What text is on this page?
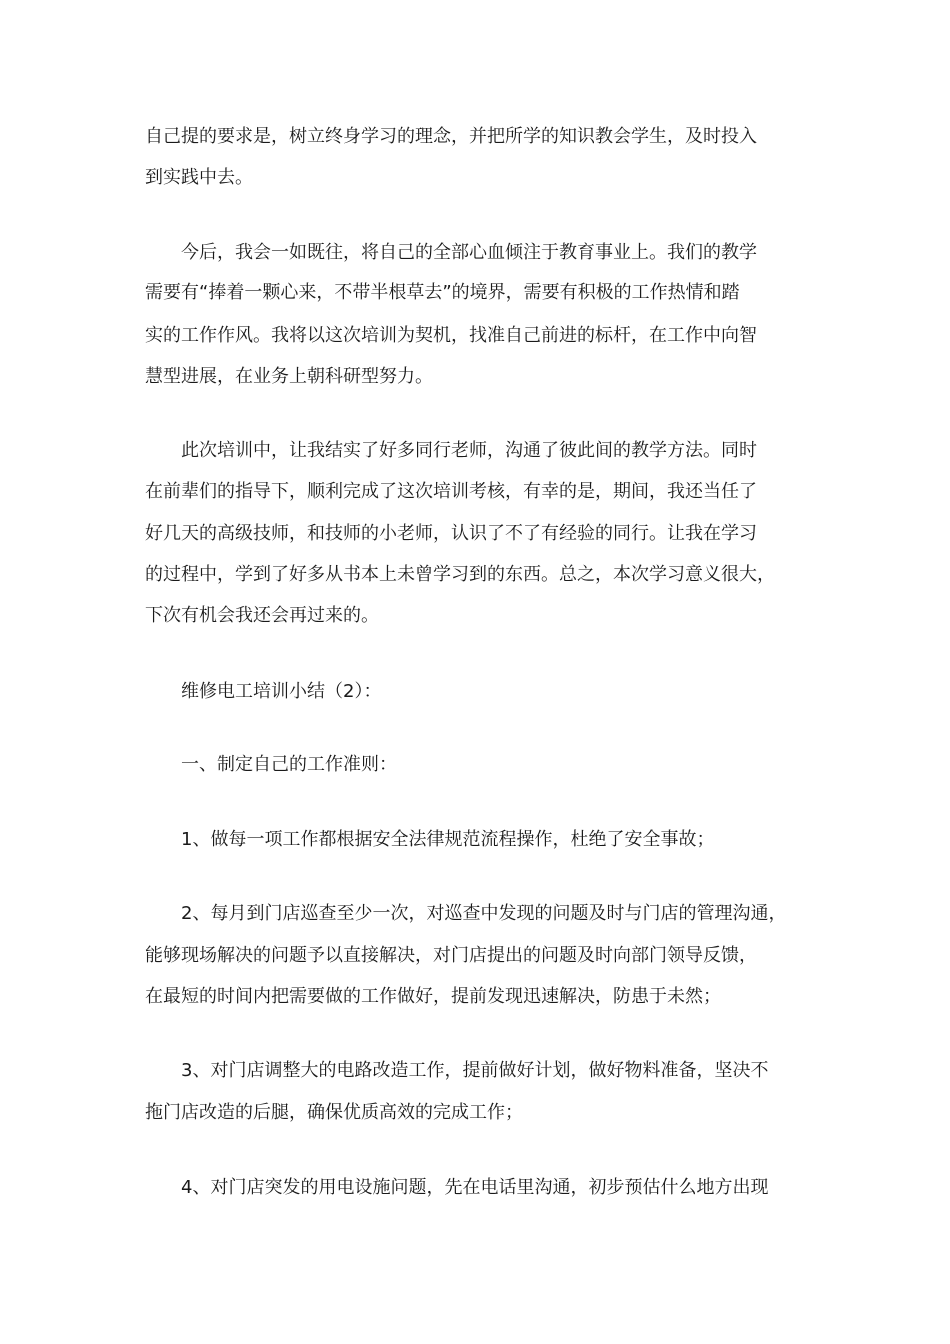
自己提的要求是，树立终身学习的理念，并把所学的知识教会学生，及时投入

到实践中去。

今后，我会一如既往，将自己的全部心血倾注于教育事业上。我们的教学

需要有“捧着一颗心来，不带半根草去”的境界，需要有积极的工作热情和踏

实的工作作风。我将以这次培训为契机，找准自己前进的标杆，在工作中向智

慧型进展，在业务上朝科研型努力。

此次培训中，让我结实了好多同行老师，沟通了彼此间的教学方法。同时

在前辈们的指导下，顺利完成了这次培训考核，有幸的是，期间，我还当任了

好几天的高级技师，和技师的小老师，认识了不了有经验的同行。让我在学习

的过程中，学到了好多从书本上未曾学习到的东西。总之，本次学习意义很大，

下次有机会我还会再过来的。

维修电工培训小结（2）：

一、制定自己的工作准则：

1、做每一项工作都根据安全法律规范流程操作，杜绝了安全事故；

2、每月到门店巡查至少一次，对巡查中发现的问题及时与门店的管理沟通，

能够现场解决的问题予以直接解决，对门店提出的问题及时向部门领导反馈，

在最短的时间内把需要做的工作做好，提前发现迅速解决，防患于未然；

3、对门店调整大的电路改造工作，提前做好计划，做好物料准备，坚决不

拖门店改造的后腿，确保优质高效的完成工作；

4、对门店突发的用电设施问题，先在电话里沟通，初步预估什么地方出现
